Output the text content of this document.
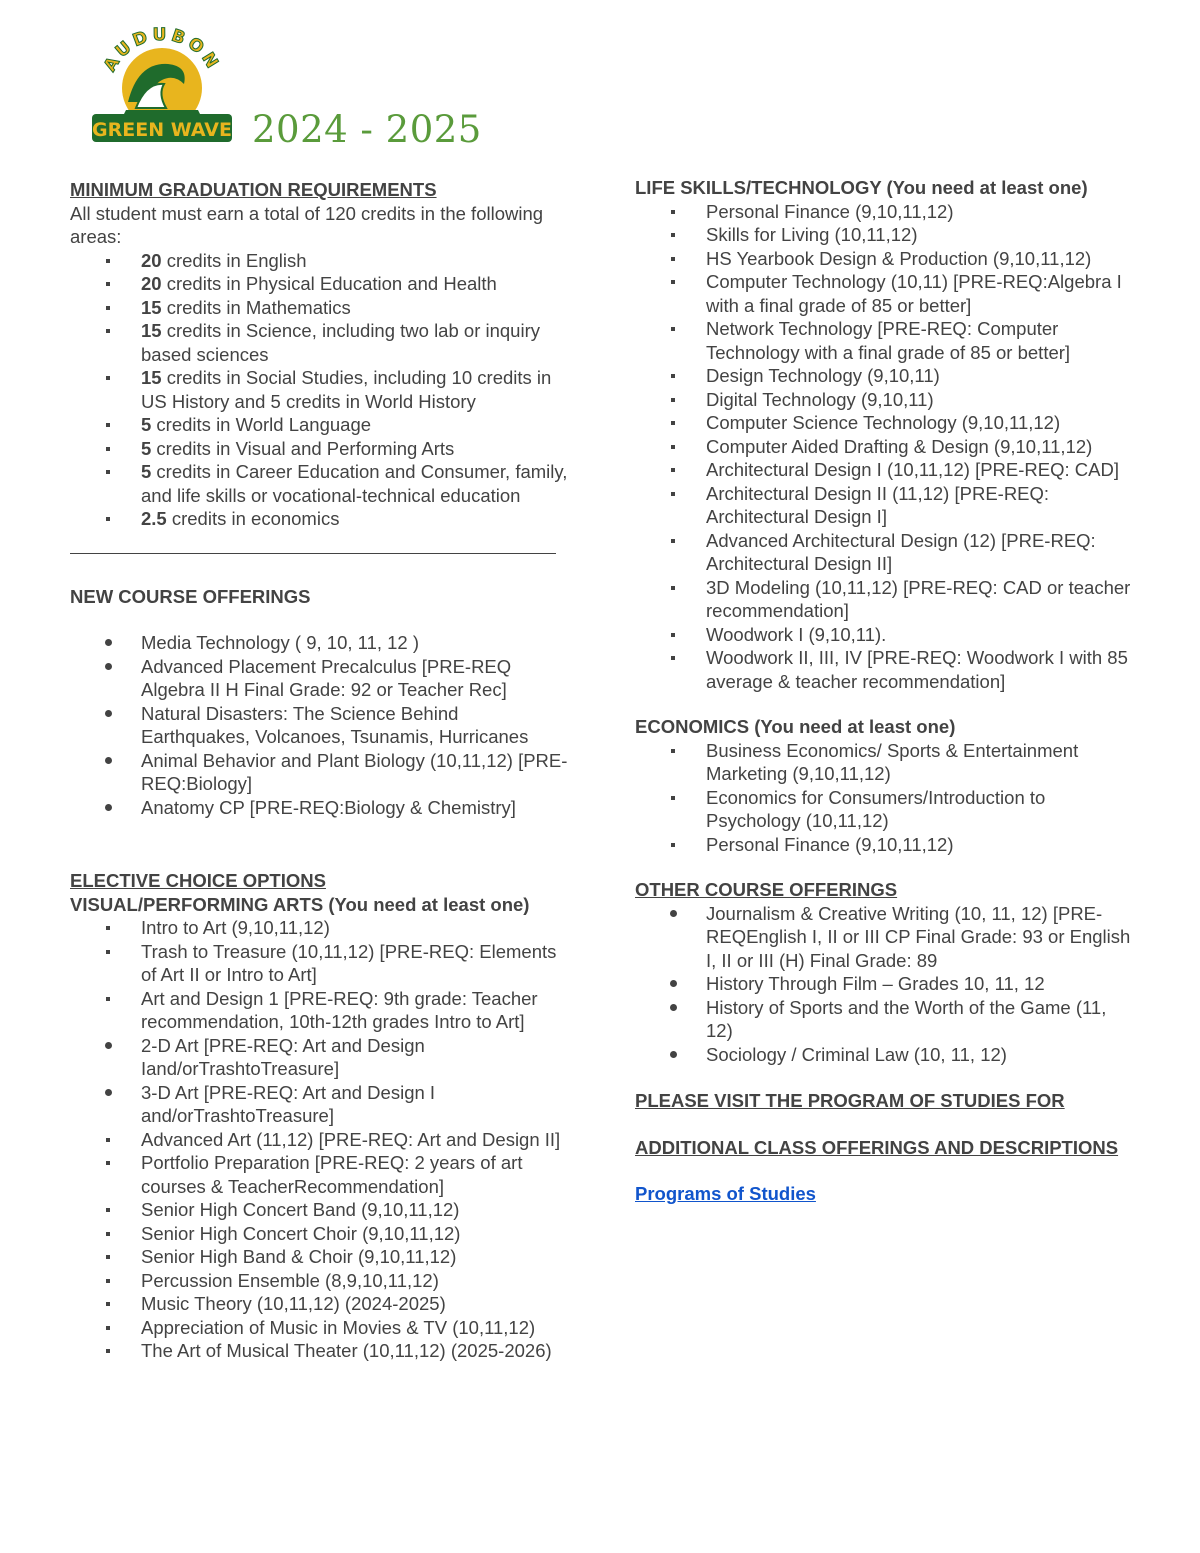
AUDUBON
GREEN WAVE 2024 - 2025
MINIMUM GRADUATION REQUIREMENTS
All student must earn a total of 120 credits in the following areas:
20 credits in English
20 credits in Physical Education and Health
15 credits in Mathematics
15 credits in Science, including two lab or inquiry based sciences
15 credits in Social Studies, including 10 credits in US History and 5 credits in World History
5 credits in World Language
5 credits in Visual and Performing Arts
5 credits in Career Education and Consumer, family, and life skills or vocational-technical education
2.5 credits in economics
NEW COURSE OFFERINGS
Media Technology ( 9, 10, 11, 12 )
Advanced Placement Precalculus [PRE-REQ Algebra II H Final Grade: 92 or Teacher Rec]
Natural Disasters: The Science Behind Earthquakes, Volcanoes, Tsunamis, Hurricanes
Animal Behavior and Plant Biology (10,11,12) [PRE-REQ:Biology]
Anatomy CP [PRE-REQ:Biology & Chemistry]
ELECTIVE CHOICE OPTIONS
VISUAL/PERFORMING ARTS (You need at least one)
Intro to Art (9,10,11,12)
Trash to Treasure (10,11,12) [PRE-REQ: Elements of Art II or Intro to Art]
Art and Design 1 [PRE-REQ: 9th grade: Teacher recommendation, 10th-12th grades Intro to Art]
2-D Art [PRE-REQ: Art and Design Iand/orTrashtoTreasure]
3-D Art [PRE-REQ: Art and Design I and/orTrashtoTreasure]
Advanced Art (11,12) [PRE-REQ: Art and Design II]
Portfolio Preparation [PRE-REQ: 2 years of art courses & TeacherRecommendation]
Senior High Concert Band (9,10,11,12)
Senior High Concert Choir (9,10,11,12)
Senior High Band & Choir (9,10,11,12)
Percussion Ensemble (8,9,10,11,12)
Music Theory (10,11,12) (2024-2025)
Appreciation of Music in Movies & TV (10,11,12)
The Art of Musical Theater (10,11,12) (2025-2026)
LIFE SKILLS/TECHNOLOGY (You need at least one)
Personal Finance (9,10,11,12)
Skills for Living (10,11,12)
HS Yearbook Design & Production (9,10,11,12)
Computer Technology (10,11) [PRE-REQ:Algebra I with a final grade of 85 or better]
Network Technology [PRE-REQ: Computer Technology with a final grade of 85 or better]
Design Technology (9,10,11)
Digital Technology (9,10,11)
Computer Science Technology (9,10,11,12)
Computer Aided Drafting & Design (9,10,11,12)
Architectural Design I (10,11,12) [PRE-REQ: CAD]
Architectural Design II (11,12) [PRE-REQ: Architectural Design I]
Advanced Architectural Design (12) [PRE-REQ: Architectural Design II]
3D Modeling (10,11,12) [PRE-REQ: CAD or teacher recommendation]
Woodwork I (9,10,11).
Woodwork II, III, IV [PRE-REQ: Woodwork I with 85 average & teacher recommendation]
ECONOMICS (You need at least one)
Business Economics/ Sports & Entertainment Marketing (9,10,11,12)
Economics for Consumers/Introduction to Psychology (10,11,12)
Personal Finance (9,10,11,12)
OTHER COURSE OFFERINGS
Journalism & Creative Writing (10, 11, 12) [PRE-REQEnglish I, II or III CP Final Grade: 93 or English I, II or III (H) Final Grade: 89
History Through Film – Grades 10, 11, 12
History of Sports and the Worth of the Game (11, 12)
Sociology / Criminal Law (10, 11, 12)
PLEASE VISIT THE PROGRAM OF STUDIES FOR
ADDITIONAL CLASS OFFERINGS AND DESCRIPTIONS
Programs of Studies
